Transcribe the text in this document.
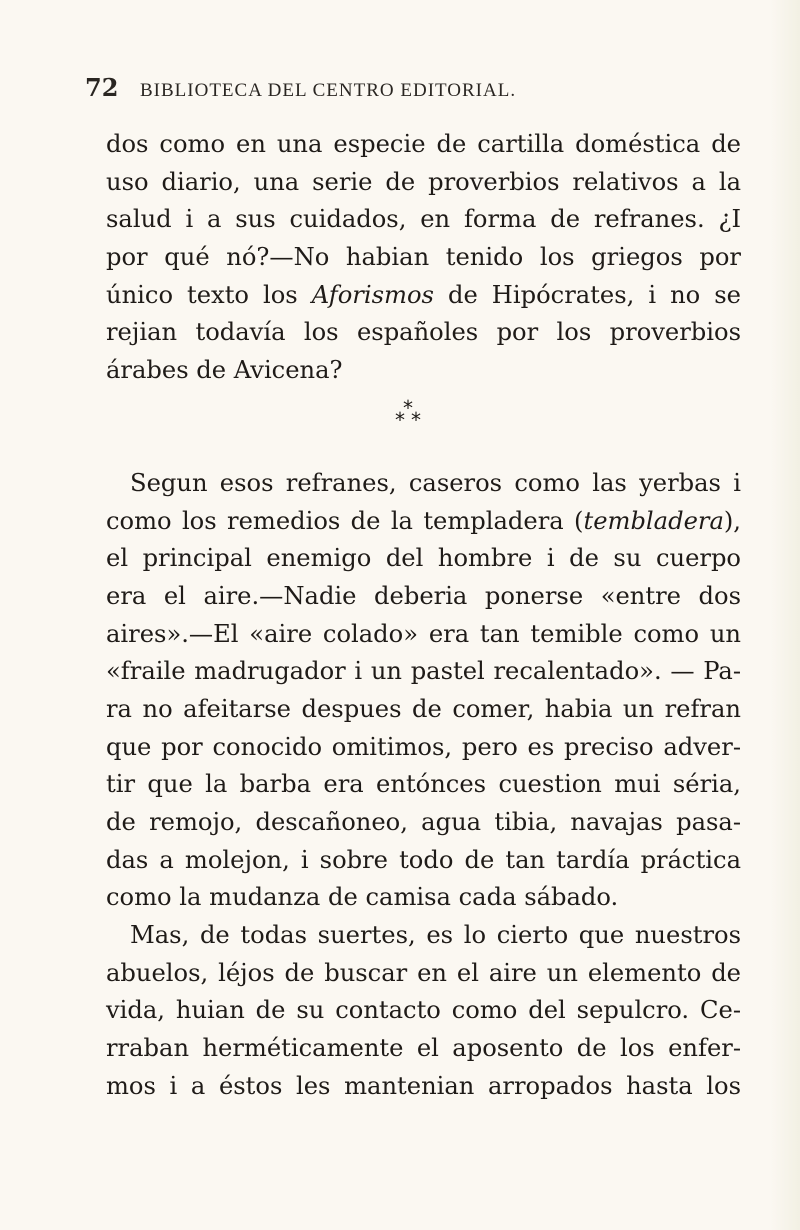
72 BIBLIOTECA DEL CENTRO EDITORIAL.
dos como en una especie de cartilla doméstica de
uso diario, una serie de proverbios relativos a la
salud i a sus cuidados, en forma de refranes. ¿I
por qué nó?—No habian tenido los griegos por
único texto los Aforismos de Hipócrates, i no se
rejian todavía los españoles por los proverbios
árabes de Avicena?
*
* *
Segun esos refranes, caseros como las yerbas i
como los remedios de la templadera (tembladera),
el principal enemigo del hombre i de su cuerpo
era el aire.—Nadie deberia ponerse «entre dos
aires».—El «aire colado» era tan temible como un
«fraile madrugador i un pastel recalentado». — Pa-
ra no afeitarse despues de comer, habia un refran
que por conocido omitimos, pero es preciso adver-
tir que la barba era entónces cuestion mui séria,
de remojo, descañoneo, agua tibia, navajas pasa-
das a molejon, i sobre todo de tan tardía práctica
como la mudanza de camisa cada sábado.
Mas, de todas suertes, es lo cierto que nuestros
abuelos, léjos de buscar en el aire un elemento de
vida, huian de su contacto como del sepulcro. Ce-
rraban herméticamente el aposento de los enfer-
mos i a éstos les mantenian arropados hasta los
